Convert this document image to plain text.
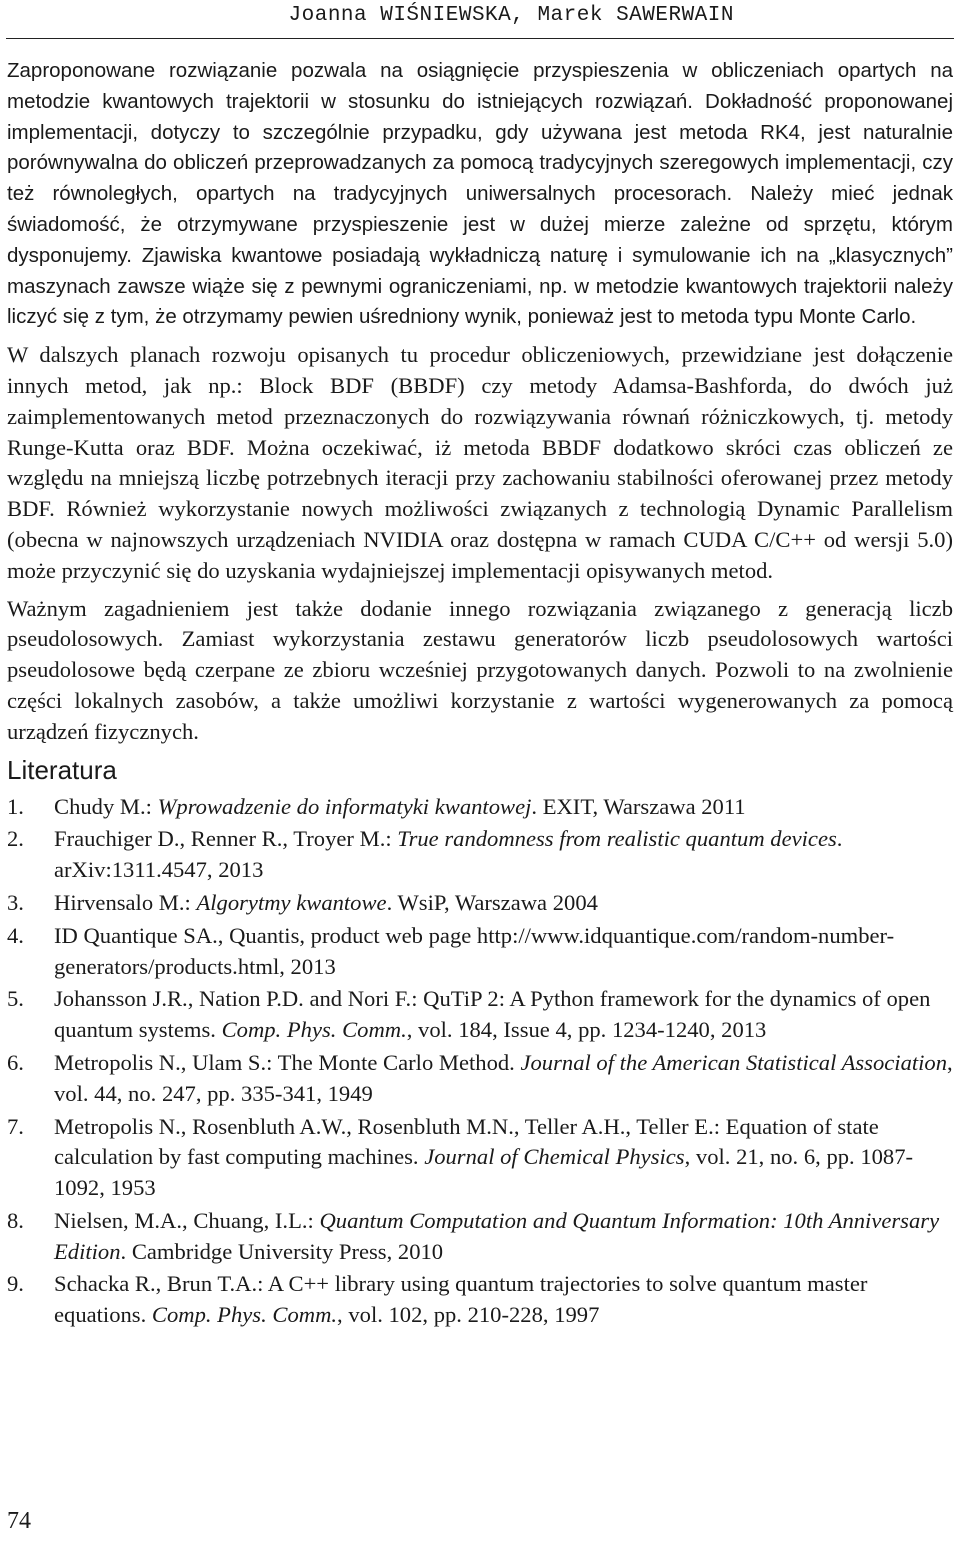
Joanna WIŚNIEWSKA, Marek SAWERWAIN

Zaproponowane rozwiązanie pozwala na osiągnięcie przyspieszenia w obliczeniach opartych na metodzie kwantowych trajektorii w stosunku do istniejących rozwiązań. Dokładność proponowanej implementacji, dotyczy to szczególnie przypadku, gdy używana jest metoda RK4, jest naturalnie porównywalna do obliczeń przeprowadzanych za pomocą tradycyjnych szeregowych implementacji, czy też równoległych, opartych na tradycyjnych uniwersalnych procesorach. Należy mieć jednak świadomość, że otrzymywane przyspieszenie jest w dużej mierze zależne od sprzętu, którym dysponujemy. Zjawiska kwantowe posiadają wykładniczą naturę i symulowanie ich na „klasycznych” maszynach zawsze wiąże się z pewnymi ograniczeniami, np. w metodzie kwantowych trajektorii należy liczyć się z tym, że otrzymamy pewien uśredniony wynik, ponieważ jest to metoda typu Monte Carlo.

W dalszych planach rozwoju opisanych tu procedur obliczeniowych, przewidziane jest dołączenie innych metod, jak np.: Block BDF (BBDF) czy metody Adamsa-Bashforda, do dwóch już zaimplementowanych metod przeznaczonych do rozwiązywania równań różniczkowych, tj. metody Runge-Kutta oraz BDF. Można oczekiwać, iż metoda BBDF dodatkowo skróci czas obliczeń ze względu na mniejszą liczbę potrzebnych iteracji przy zachowaniu stabilności oferowanej przez metody BDF. Również wykorzystanie nowych możliwości związanych z technologią Dynamic Parallelism (obecna w najnowszych urządzeniach NVIDIA oraz dostępna w ramach CUDA C/C++ od wersji 5.0) może przyczynić się do uzyskania wydajniejszej implementacji opisywanych metod.

Ważnym zagadnieniem jest także dodanie innego rozwiązania związanego z generacją liczb pseudolosowych. Zamiast wykorzystania zestawu generatorów liczb pseudolosowych wartości pseudolosowe będą czerpane ze zbioru wcześniej przygotowanych danych. Pozwoli to na zwolnienie części lokalnych zasobów, a także umożliwi korzystanie z wartości wygenerowanych za pomocą urządzeń fizycznych.

Literatura
1. Chudy M.: Wprowadzenie do informatyki kwantowej. EXIT, Warszawa 2011
2. Frauchiger D., Renner R., Troyer M.: True randomness from realistic quantum devices. arXiv:1311.4547, 2013
3. Hirvensalo M.: Algorytmy kwantowe. WsiP, Warszawa 2004
4. ID Quantique SA., Quantis, product web page http://www.idquantique.com/random-number-generators/products.html, 2013
5. Johansson J.R., Nation P.D. and Nori F.: QuTiP 2: A Python framework for the dynamics of open quantum systems. Comp. Phys. Comm., vol. 184, Issue 4, pp. 1234-1240, 2013
6. Metropolis N., Ulam S.: The Monte Carlo Method. Journal of the American Statistical Association, vol. 44, no. 247, pp. 335-341, 1949
7. Metropolis N., Rosenbluth A.W., Rosenbluth M.N., Teller A.H., Teller E.: Equation of state calculation by fast computing machines. Journal of Chemical Physics, vol. 21, no. 6, pp. 1087-1092, 1953
8. Nielsen, M.A., Chuang, I.L.: Quantum Computation and Quantum Information: 10th Anniversary Edition. Cambridge University Press, 2010
9. Schacka R., Brun T.A.: A C++ library using quantum trajectories to solve quantum master equations. Comp. Phys. Comm., vol. 102, pp. 210-228, 1997
74
